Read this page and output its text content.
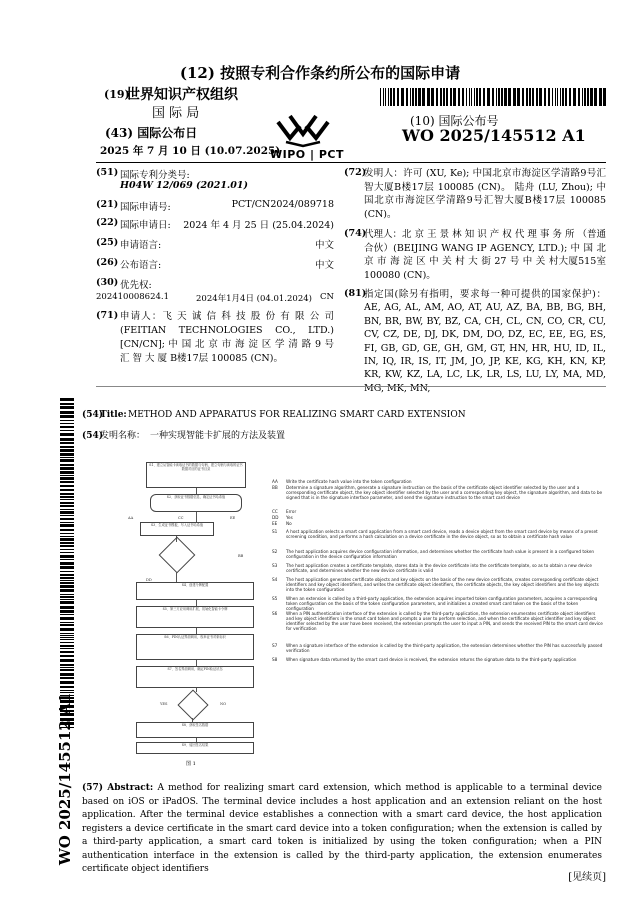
(12) 按照专利合作条约所公布的国际申请
(19)
世界知识产权组织
国 际 局
(43) 国际公布日
2025 年 7 月 10 日 (10.07.2025)
WIPO | PCT
(10) 国际公布号
WO 2025/145512 A1
(51) 国际专利分类号:
H04W 12/069 (2021.01)
(21) 国际申请号:	PCT/CN2024/089718
(22) 国际申请日: 2024 年 4 月 25 日 (25.04.2024)
(25) 申请语言:	中文
(26) 公布语言:	中文
(30) 优先权:
202410008624.1	2024年1月4日 (04.01.2024) CN
(71) 申请人：飞 天 诚 信 科 技 股 份 有 限 公 司 (FEITIAN TECHNOLOGIES CO., LTD.) [CN/CN]; 中 国 北 京 市 海 淀 区 学 清 路 9 号 汇 智 大 厦 B楼17层 100085 (CN)。
(72)
发明人：许可 (XU, Ke); 中国北京市海淀区学清路9号汇智大厦B楼17层 100085 (CN)。 陆舟 (LU, Zhou); 中国北京市海淀区学清路9号汇智大厦B楼17层 100085 (CN)。
(74)
代理人：北 京 王 景 林 知 识 产 权 代 理 事 务 所 （普通合伙）(BEIJING WANG IP AGENCY, LTD.); 中 国 北 京 市 海 淀 区 中 关 村 大 街 27 号 中 关 村大厦515室 100080 (CN)。
(81)
指定国(除另有指明，要求每一种可提供的国家保护)：AE, AG, AL, AM, AO, AT, AU, AZ, BA, BB, BG, BH, BN, BR, BW, BY, BZ, CA, CH, CL, CN, CO, CR, CU, CV, CZ, DE, DJ, DK, DM, DO, DZ, EC, EE, EG, ES, FI, GB, GD, GE, GH, GM, GT, HN, HR, HU, ID, IL, IN, IQ, IR, IS, IT, JM, JO, JP, KE, KG, KH, KN, KP, KR, KW, KZ, LA, LC, LK, LR, LS, LU, LY, MA, MD, MG, MK, MN,
(54)
Title: METHOD AND APPARATUS FOR REALIZING SMART CARD EXTENSION
(54)
发明名称： 一种实现智能卡扩展的方法及装置
WO 2025/145512 A1
S1、建立从智能卡读取证书的数据与句柄，建立句柄与读取的证书数据对应的证书目录
S2、获取证书数据信息，确定证书哈希值
AA	CC	EE
S3、生成证书模板，写入证书哈希值
BB
DD
S4、创建令牌配置
S5、第三方应用调用扩展，初始化智能卡令牌
S6、PIN认证界面调用，枚举证书对象标识
S7、签名界面调用，确定PIN验证状态
YES	NO
S8、获取签名数据
S9、返回签名结果
图 1
AA	Write the certificate hash value into the token configuration
BB	Determine a signature algorithm, generate a signature instruction on the basis of the certificate object identifier selected by the user and a corresponding certificate object, the key object identifier selected by the user and a corresponding key object, the signature algorithm, and data to be signed that is in the signature interface parameter, and send the signature instruction to the smart card device
CC	Error
DD	Yes
EE	No
S1	A host application selects a smart card application from a smart card device, reads a device object from the smart card device by means of a preset screening condition, and performs a hash calculation on a device certificate in the device object, so as to obtain a certificate hash value
S2	The host application acquires device configuration information, and determines whether the certificate hash value is present in a configured token configuration in the device configuration information
S3	The host application creates a certificate template, stores data in the device certificate into the certificate template, so as to obtain a new device certificate, and determines whether the new device certificate is valid
S4	The host application generates certificate objects and key objects on the basis of the new device certificate, creates corresponding certificate object identifiers and key object identifiers, and writes the certificate object identifiers, the certificate objects, the key object identifiers and the key objects into the token configuration
S5	When an extension is called by a third-party application, the extension acquires imported token configuration parameters, acquires a corresponding token configuration on the basis of the token configuration parameters, and initializes a created smart card token on the basis of the token configuration
S6	When a PIN authentication interface of the extension is called by the third-party application, the extension enumerates certificate object identifiers and key object identifiers in the smart card token and prompts a user to perform selection, and when the certificate object identifier and key object identifier selected by the user have been received, the extension prompts the user to input a PIN, and sends the received PIN to the smart card device for verification
S7	When a signature interface of the extension is called by the third-party application, the extension determines whether the PIN has successfully passed verification
S8	When signature data returned by the smart card device is received, the extension returns the signature data to the third-party application
(57) Abstract: A method for realizing smart card extension, which method is applicable to a terminal device based on iOS or iPadOS. The terminal device includes a host application and an extension reliant on the host application. After the terminal device establishes a connection with a smart card device, the host application registers a device certificate in the smart card device into a token configuration; when the extension is called by a third-party application, a smart card token is initialized by using the token configuration; when a PIN authentication interface in the extension is called by the third-party application, the extension enumerates certificate object identifiers
[见续页]
